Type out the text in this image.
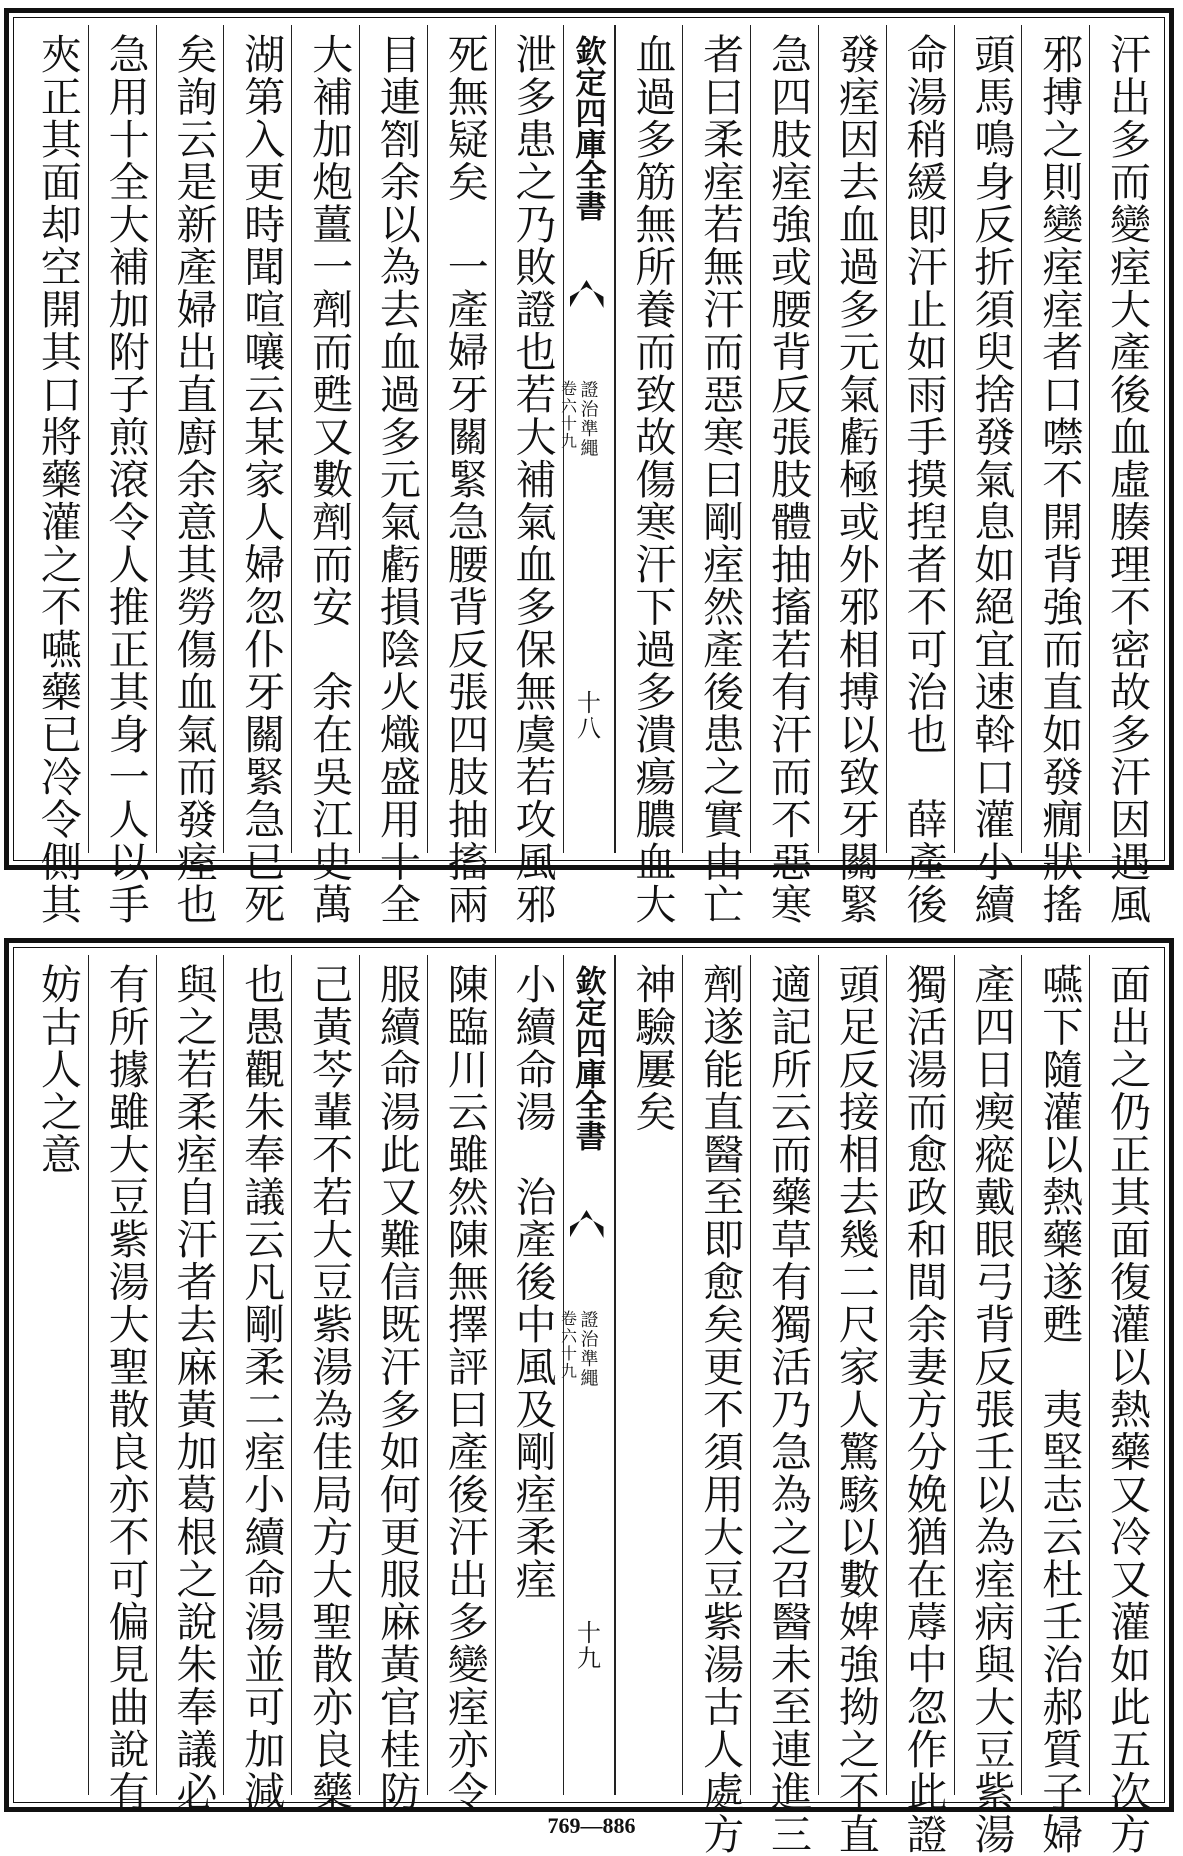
汗出多而變痓大產後血虛腠理不密故多汗因遇風
邪搏之則變痓痓者口噤不開背強而直如發癇狀搖
頭馬鳴身反折須臾捨發氣息如絕宜速斡口灌小續
命湯稍緩即汗止如雨手摸揑者不可治也　薛產後
發痓因去血過多元氣虧極或外邪相搏以致牙關緊
急四肢痓強或腰背反張肢體抽搐若有汗而不惡寒
者曰柔痓若無汗而惡寒曰剛痓然產後患之實由亡
血過多筋無所養而致故傷寒汗下過多潰瘍膿血大
欽定四庫全書
證治準繩
卷六十九
十八
泄多患之乃敗證也若大補氣血多保無虞若攻風邪
死無疑矣　一產婦牙關緊急腰背反張四肢抽搐兩
目連劄余以為去血過多元氣虧損陰火熾盛用十全
大補加炮薑一劑而甦又數劑而安　余在吳江史萬
湖第入更時聞喧嚷云某家人婦忽仆牙關緊急已死
矣詢云是新產婦出直廚余意其勞傷血氣而發痓也
急用十全大補加附子煎滾令人推正其身一人以手
夾正其面却空開其口將藥灌之不嚥藥已冷令側其
面出之仍正其面復灌以熱藥又冷又灌如此五次方
嚥下隨灌以熱藥遂甦　夷堅志云杜壬治郝質子婦
產四日瘈瘲戴眼弓背反張壬以為痓病與大豆紫湯
獨活湯而愈政和間余妻方分娩猶在蓐中忽作此證
頭足反接相去幾二尺家人驚駭以數婢強拗之不直
適記所云而藥草有獨活乃急為之召醫未至連進三
劑遂能直醫至即愈矣更不須用大豆紫湯古人處方
神驗屢矣
欽定四庫全書
證治準繩
卷六十九
十九
小續命湯　治產後中風及剛痓柔痓
陳臨川云雖然陳無擇評曰產後汗出多變痓亦令
服續命湯此又難信既汗多如何更服麻黃官桂防
己黃芩輩不若大豆紫湯為佳局方大聖散亦良藥
也愚觀朱奉議云凡剛柔二痓小續命湯並可加減
與之若柔痓自汗者去麻黃加葛根之說朱奉議必
有所據雖大豆紫湯大聖散良亦不可偏見曲說有
妨古人之意
769—886
